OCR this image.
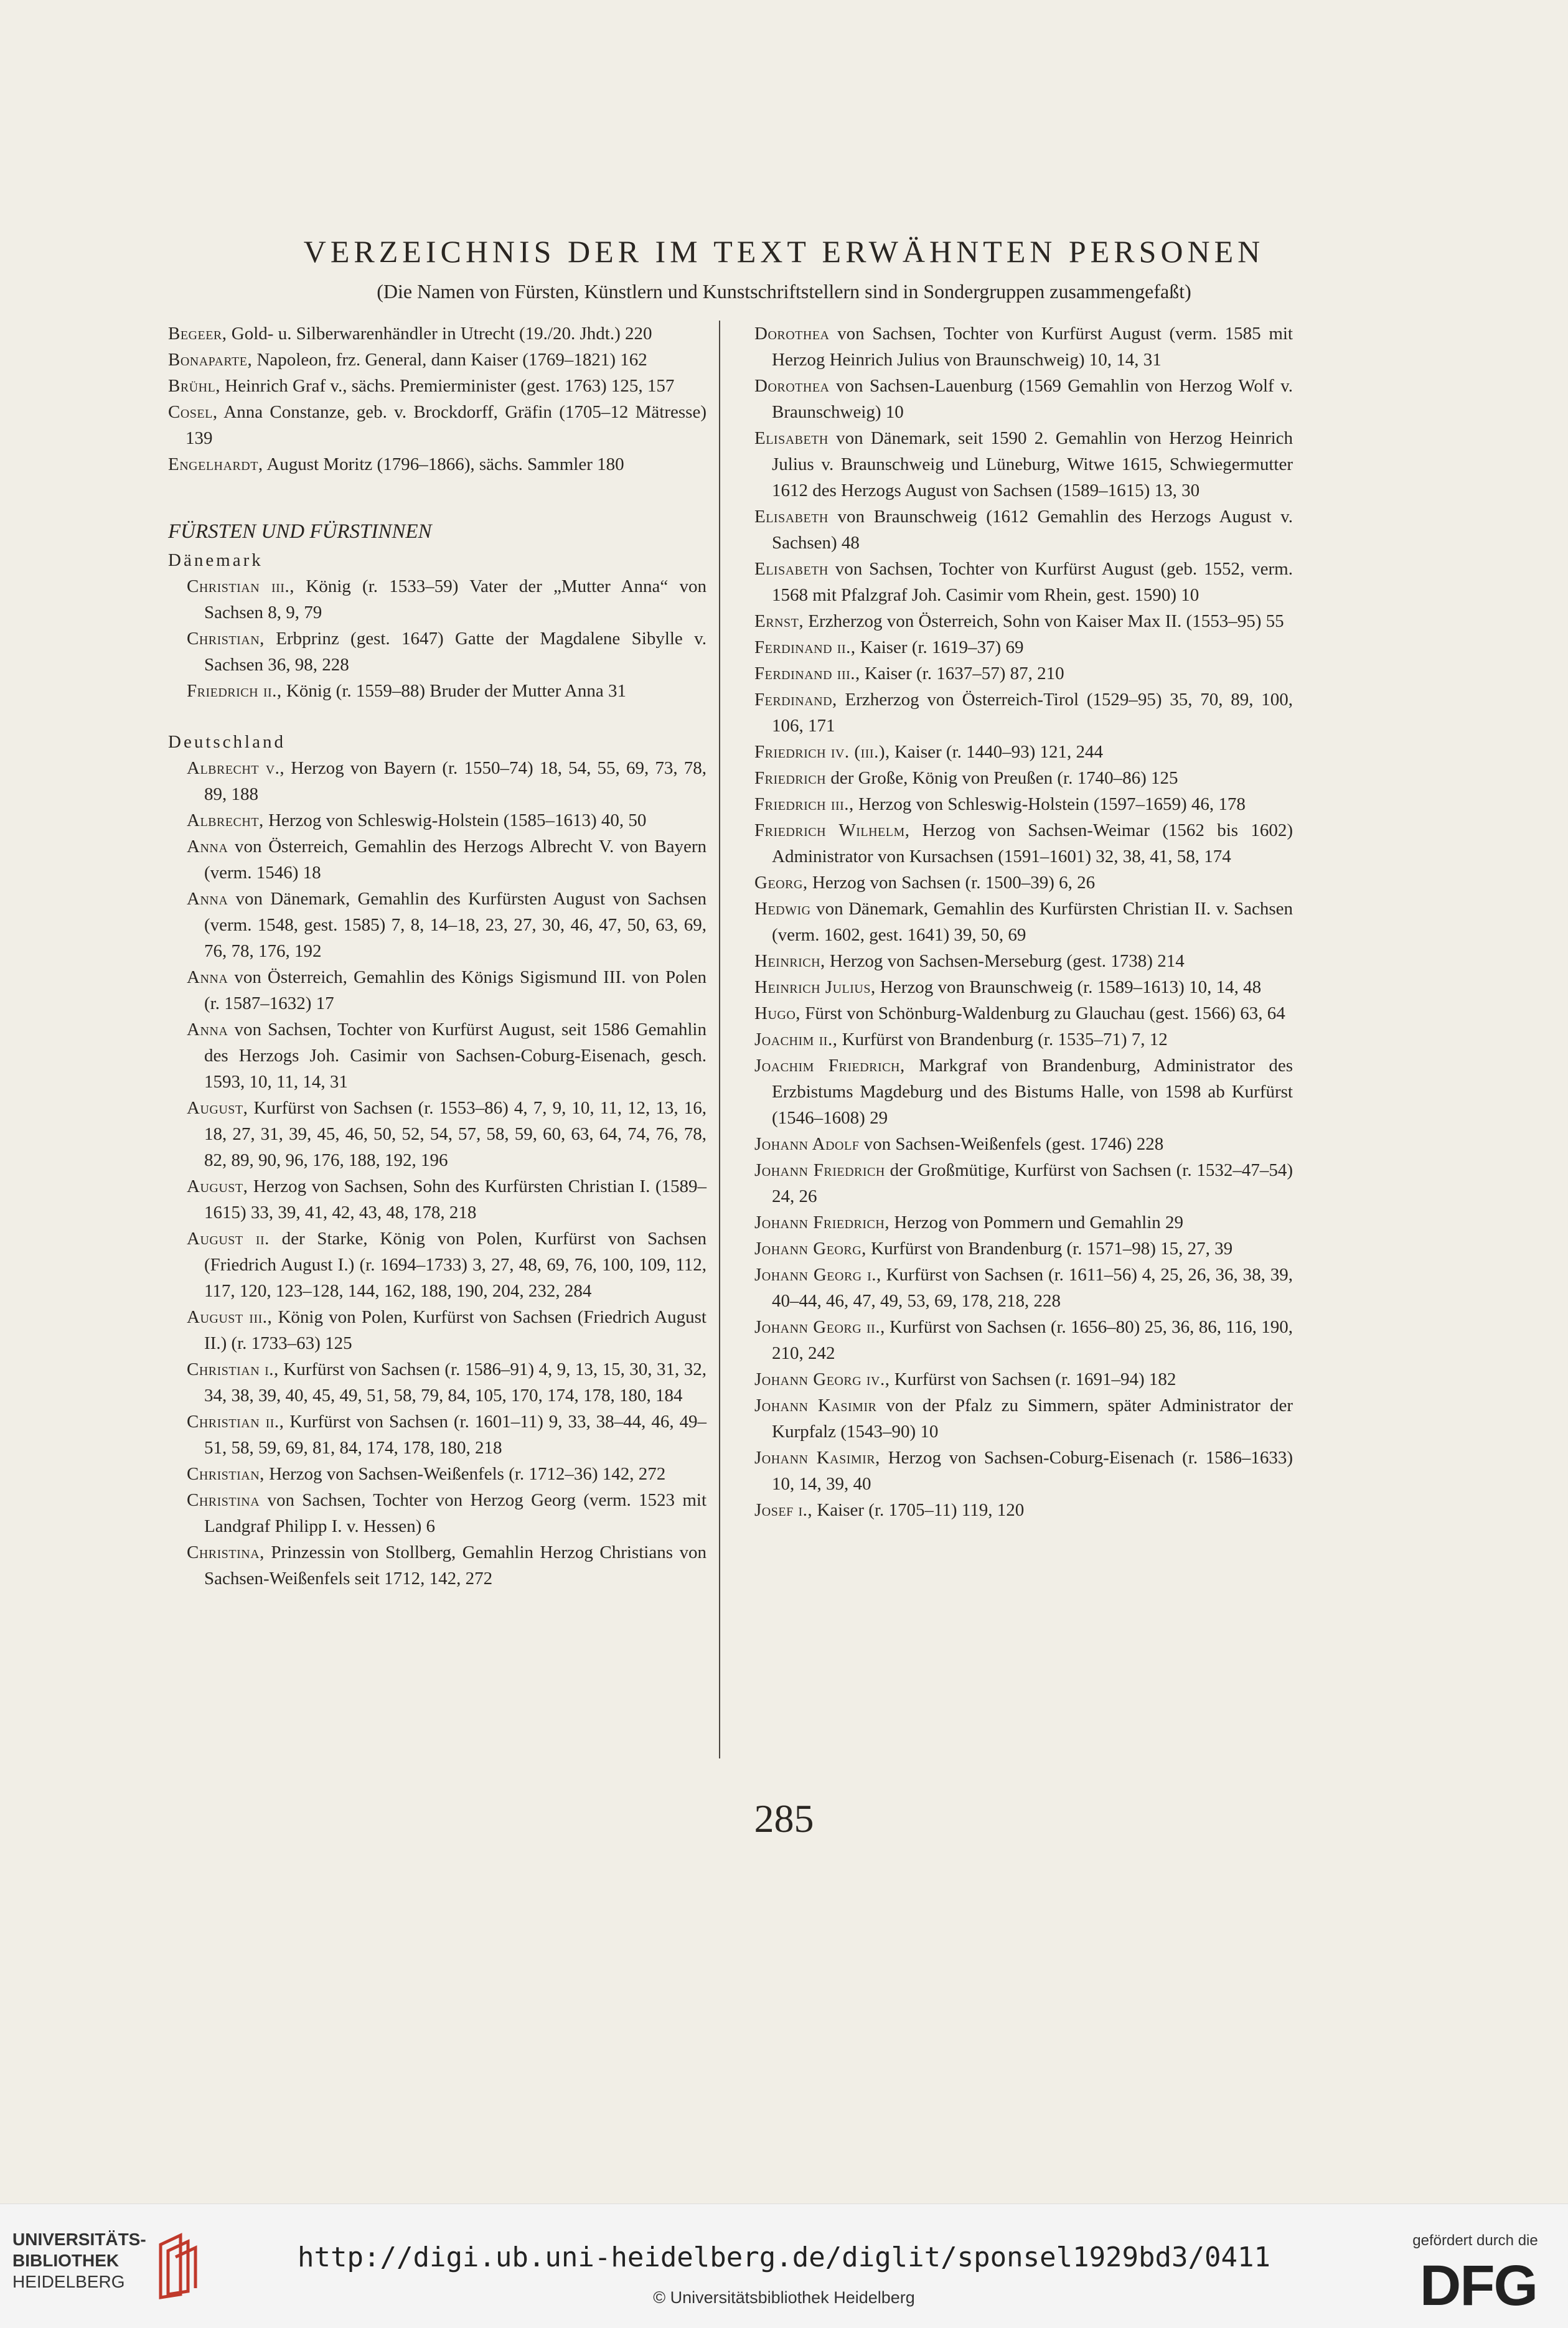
VERZEICHNIS DER IM TEXT ERWÄHNTEN PERSONEN
(Die Namen von Fürsten, Künstlern und Kunstschriftstellern sind in Sondergruppen zusammengefaßt)
Begeer, Gold- u. Silberwarenhändler in Utrecht (19./20. Jhdt.) 220
Bonaparte, Napoleon, frz. General, dann Kaiser (1769–1821) 162
Brühl, Heinrich Graf v., sächs. Premierminister (gest. 1763) 125, 157
Cosel, Anna Constanze, geb. v. Brockdorff, Gräfin (1705–12 Mätresse) 139
Engelhardt, August Moritz (1796–1866), sächs. Sammler 180
FÜRSTEN UND FÜRSTINNEN
Dänemark
Christian iii., König (r. 1533–59) Vater der „Mutter Anna“ von Sachsen 8, 9, 79
Christian, Erbprinz (gest. 1647) Gatte der Magdalene Sibylle v. Sachsen 36, 98, 228
Friedrich ii., König (r. 1559–88) Bruder der Mutter Anna 31
Deutschland
Albrecht v., Herzog von Bayern (r. 1550–74) 18, 54, 55, 69, 73, 78, 89, 188
Albrecht, Herzog von Schleswig-Holstein (1585–1613) 40, 50
Anna von Österreich, Gemahlin des Herzogs Albrecht V. von Bayern (verm. 1546) 18
Anna von Dänemark, Gemahlin des Kurfürsten August von Sachsen (verm. 1548, gest. 1585) 7, 8, 14–18, 23, 27, 30, 46, 47, 50, 63, 69, 76, 78, 176, 192
Anna von Österreich, Gemahlin des Königs Sigismund III. von Polen (r. 1587–1632) 17
Anna von Sachsen, Tochter von Kurfürst August, seit 1586 Gemahlin des Herzogs Joh. Casimir von Sachsen-Coburg-Eisenach, gesch. 1593, 10, 11, 14, 31
August, Kurfürst von Sachsen (r. 1553–86) 4, 7, 9, 10, 11, 12, 13, 16, 18, 27, 31, 39, 45, 46, 50, 52, 54, 57, 58, 59, 60, 63, 64, 74, 76, 78, 82, 89, 90, 96, 176, 188, 192, 196
August, Herzog von Sachsen, Sohn des Kurfürsten Christian I. (1589–1615) 33, 39, 41, 42, 43, 48, 178, 218
August ii. der Starke, König von Polen, Kurfürst von Sachsen (Friedrich August I.) (r. 1694–1733) 3, 27, 48, 69, 76, 100, 109, 112, 117, 120, 123–128, 144, 162, 188, 190, 204, 232, 284
August iii., König von Polen, Kurfürst von Sachsen (Friedrich August II.) (r. 1733–63) 125
Christian i., Kurfürst von Sachsen (r. 1586–91) 4, 9, 13, 15, 30, 31, 32, 34, 38, 39, 40, 45, 49, 51, 58, 79, 84, 105, 170, 174, 178, 180, 184
Christian ii., Kurfürst von Sachsen (r. 1601–11) 9, 33, 38–44, 46, 49–51, 58, 59, 69, 81, 84, 174, 178, 180, 218
Christian, Herzog von Sachsen-Weißenfels (r. 1712–36) 142, 272
Christina von Sachsen, Tochter von Herzog Georg (verm. 1523 mit Landgraf Philipp I. v. Hessen) 6
Christina, Prinzessin von Stollberg, Gemahlin Herzog Christians von Sachsen-Weißenfels seit 1712, 142, 272
Dorothea von Sachsen, Tochter von Kurfürst August (verm. 1585 mit Herzog Heinrich Julius von Braunschweig) 10, 14, 31
Dorothea von Sachsen-Lauenburg (1569 Gemahlin von Herzog Wolf v. Braunschweig) 10
Elisabeth von Dänemark, seit 1590 2. Gemahlin von Herzog Heinrich Julius v. Braunschweig und Lüneburg, Witwe 1615, Schwiegermutter 1612 des Herzogs August von Sachsen (1589–1615) 13, 30
Elisabeth von Braunschweig (1612 Gemahlin des Herzogs August v. Sachsen) 48
Elisabeth von Sachsen, Tochter von Kurfürst August (geb. 1552, verm. 1568 mit Pfalzgraf Joh. Casimir vom Rhein, gest. 1590) 10
Ernst, Erzherzog von Österreich, Sohn von Kaiser Max II. (1553–95) 55
Ferdinand ii., Kaiser (r. 1619–37) 69
Ferdinand iii., Kaiser (r. 1637–57) 87, 210
Ferdinand, Erzherzog von Österreich-Tirol (1529–95) 35, 70, 89, 100, 106, 171
Friedrich iv. (iii.), Kaiser (r. 1440–93) 121, 244
Friedrich der Große, König von Preußen (r. 1740–86) 125
Friedrich iii., Herzog von Schleswig-Holstein (1597–1659) 46, 178
Friedrich Wilhelm, Herzog von Sachsen-Weimar (1562 bis 1602) Administrator von Kursachsen (1591–1601) 32, 38, 41, 58, 174
Georg, Herzog von Sachsen (r. 1500–39) 6, 26
Hedwig von Dänemark, Gemahlin des Kurfürsten Christian II. v. Sachsen (verm. 1602, gest. 1641) 39, 50, 69
Heinrich, Herzog von Sachsen-Merseburg (gest. 1738) 214
Heinrich Julius, Herzog von Braunschweig (r. 1589–1613) 10, 14, 48
Hugo, Fürst von Schönburg-Waldenburg zu Glauchau (gest. 1566) 63, 64
Joachim ii., Kurfürst von Brandenburg (r. 1535–71) 7, 12
Joachim Friedrich, Markgraf von Brandenburg, Administrator des Erzbistums Magdeburg und des Bistums Halle, von 1598 ab Kurfürst (1546–1608) 29
Johann Adolf von Sachsen-Weißenfels (gest. 1746) 228
Johann Friedrich der Großmütige, Kurfürst von Sachsen (r. 1532–47–54) 24, 26
Johann Friedrich, Herzog von Pommern und Gemahlin 29
Johann Georg, Kurfürst von Brandenburg (r. 1571–98) 15, 27, 39
Johann Georg i., Kurfürst von Sachsen (r. 1611–56) 4, 25, 26, 36, 38, 39, 40–44, 46, 47, 49, 53, 69, 178, 218, 228
Johann Georg ii., Kurfürst von Sachsen (r. 1656–80) 25, 36, 86, 116, 190, 210, 242
Johann Georg iv., Kurfürst von Sachsen (r. 1691–94) 182
Johann Kasimir von der Pfalz zu Simmern, später Administrator der Kurpfalz (1543–90) 10
Johann Kasimir, Herzog von Sachsen-Coburg-Eisenach (r. 1586–1633) 10, 14, 39, 40
Josef i., Kaiser (r. 1705–11) 119, 120
285
UNIVERSITÄTS-
BIBLIOTHEK
HEIDELBERG
http://digi.ub.uni-heidelberg.de/diglit/sponsel1929bd3/0411
© Universitätsbibliothek Heidelberg
gefördert durch die
DFG
